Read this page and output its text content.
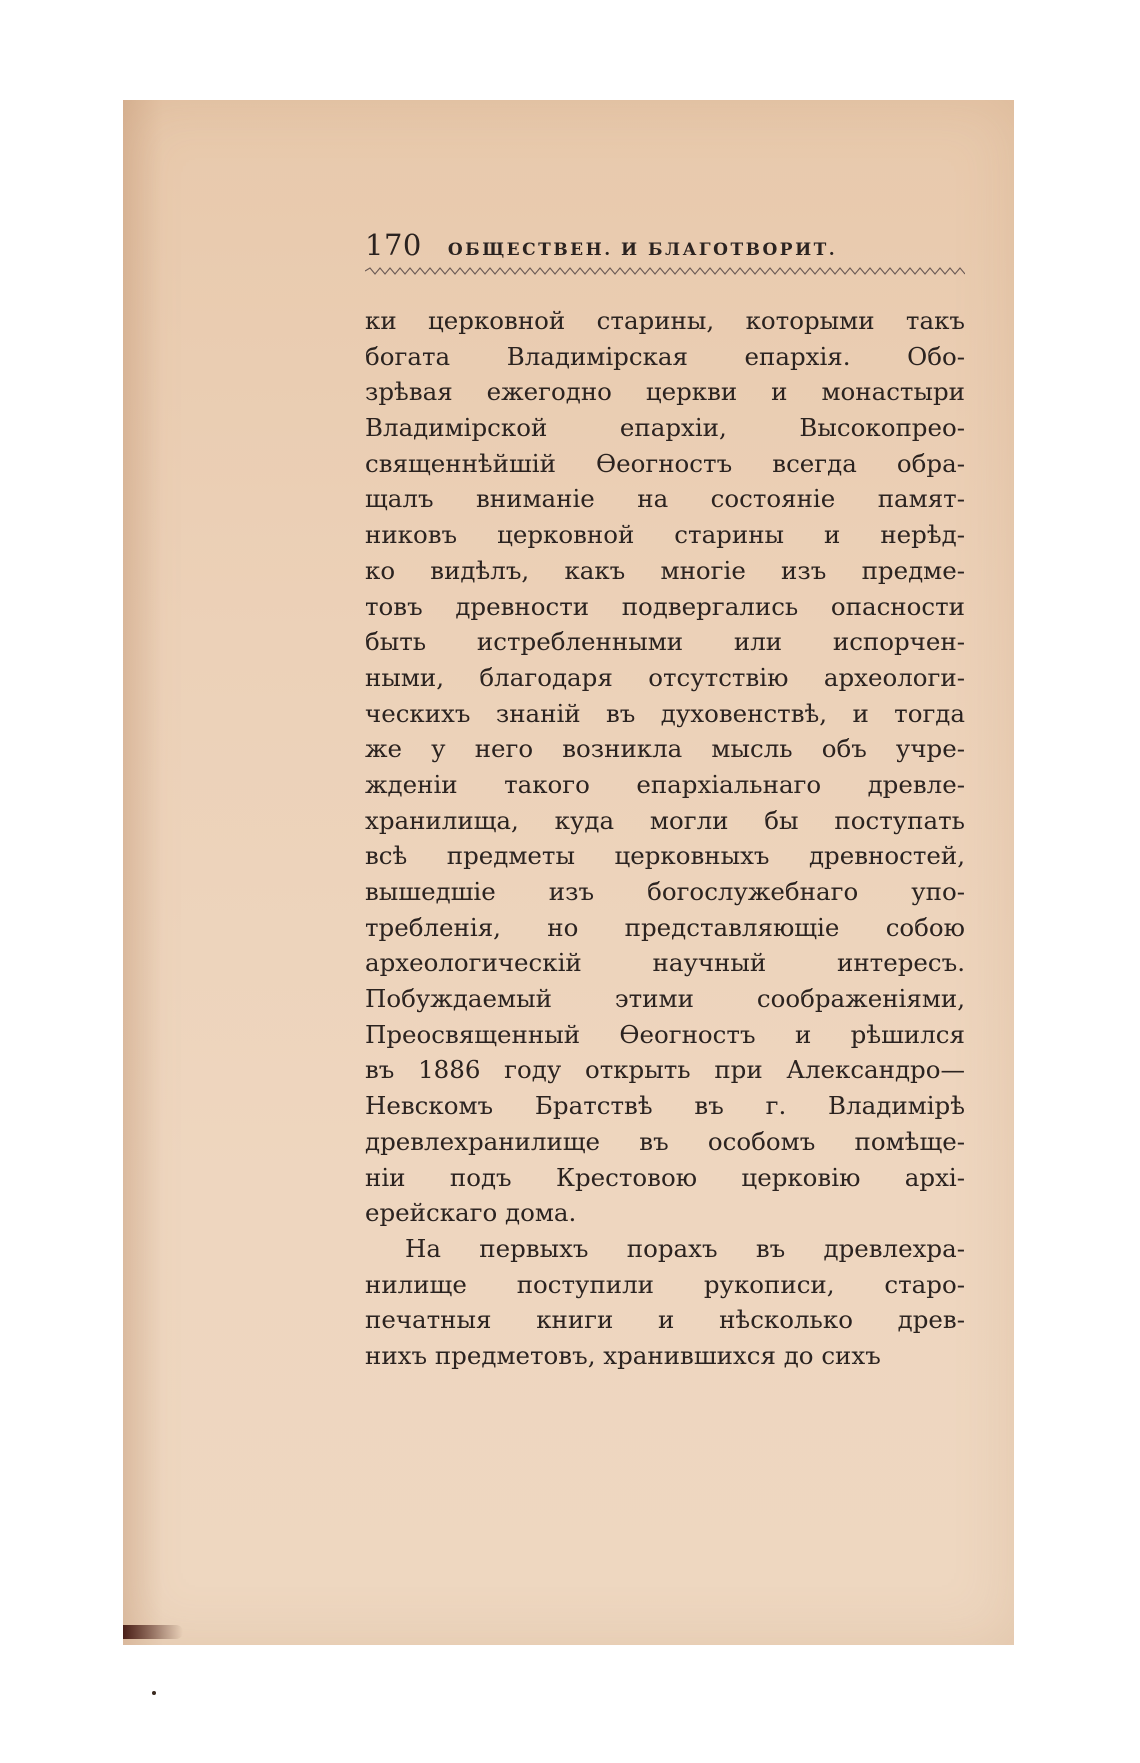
170 ОБЩЕСТВЕН. И БЛАГОТВОРИТ.
ки церковной старины, которыми такъ
богата Владимірская епархія. Обо-
зрѣвая ежегодно церкви и монастыри
Владимірской епархіи, Высокопрео-
священнѣйшій Өеогностъ всегда обра-
щалъ вниманіе на состояніе памят-
никовъ церковной старины и нерѣд-
ко видѣлъ, какъ многіе изъ предме-
товъ древности подвергались опасности
быть истребленными или испорчен-
ными, благодаря отсутствію археологи-
ческихъ знаній въ духовенствѣ, и тогда
же у него возникла мысль объ учре-
жденіи такого епархіальнаго древле-
хранилища, куда могли бы поступать
всѣ предметы церковныхъ древностей,
вышедшіе изъ богослужебнаго упо-
требленія, но представляющіе собою
археологическій научный интересъ.
Побуждаемый этими соображеніями,
Преосвященный Өеогностъ и рѣшился
въ 1886 году открыть при Александро—
Невскомъ Братствѣ въ г. Владимірѣ
древлехранилище въ особомъ помѣще-
ніи подъ Крестовою церковію архі-
ерейскаго дома.
На первыхъ порахъ въ древлехра-
нилище поступили рукописи, старо-
печатныя книги и нѣсколько древ-
нихъ предметовъ, хранившихся до сихъ
